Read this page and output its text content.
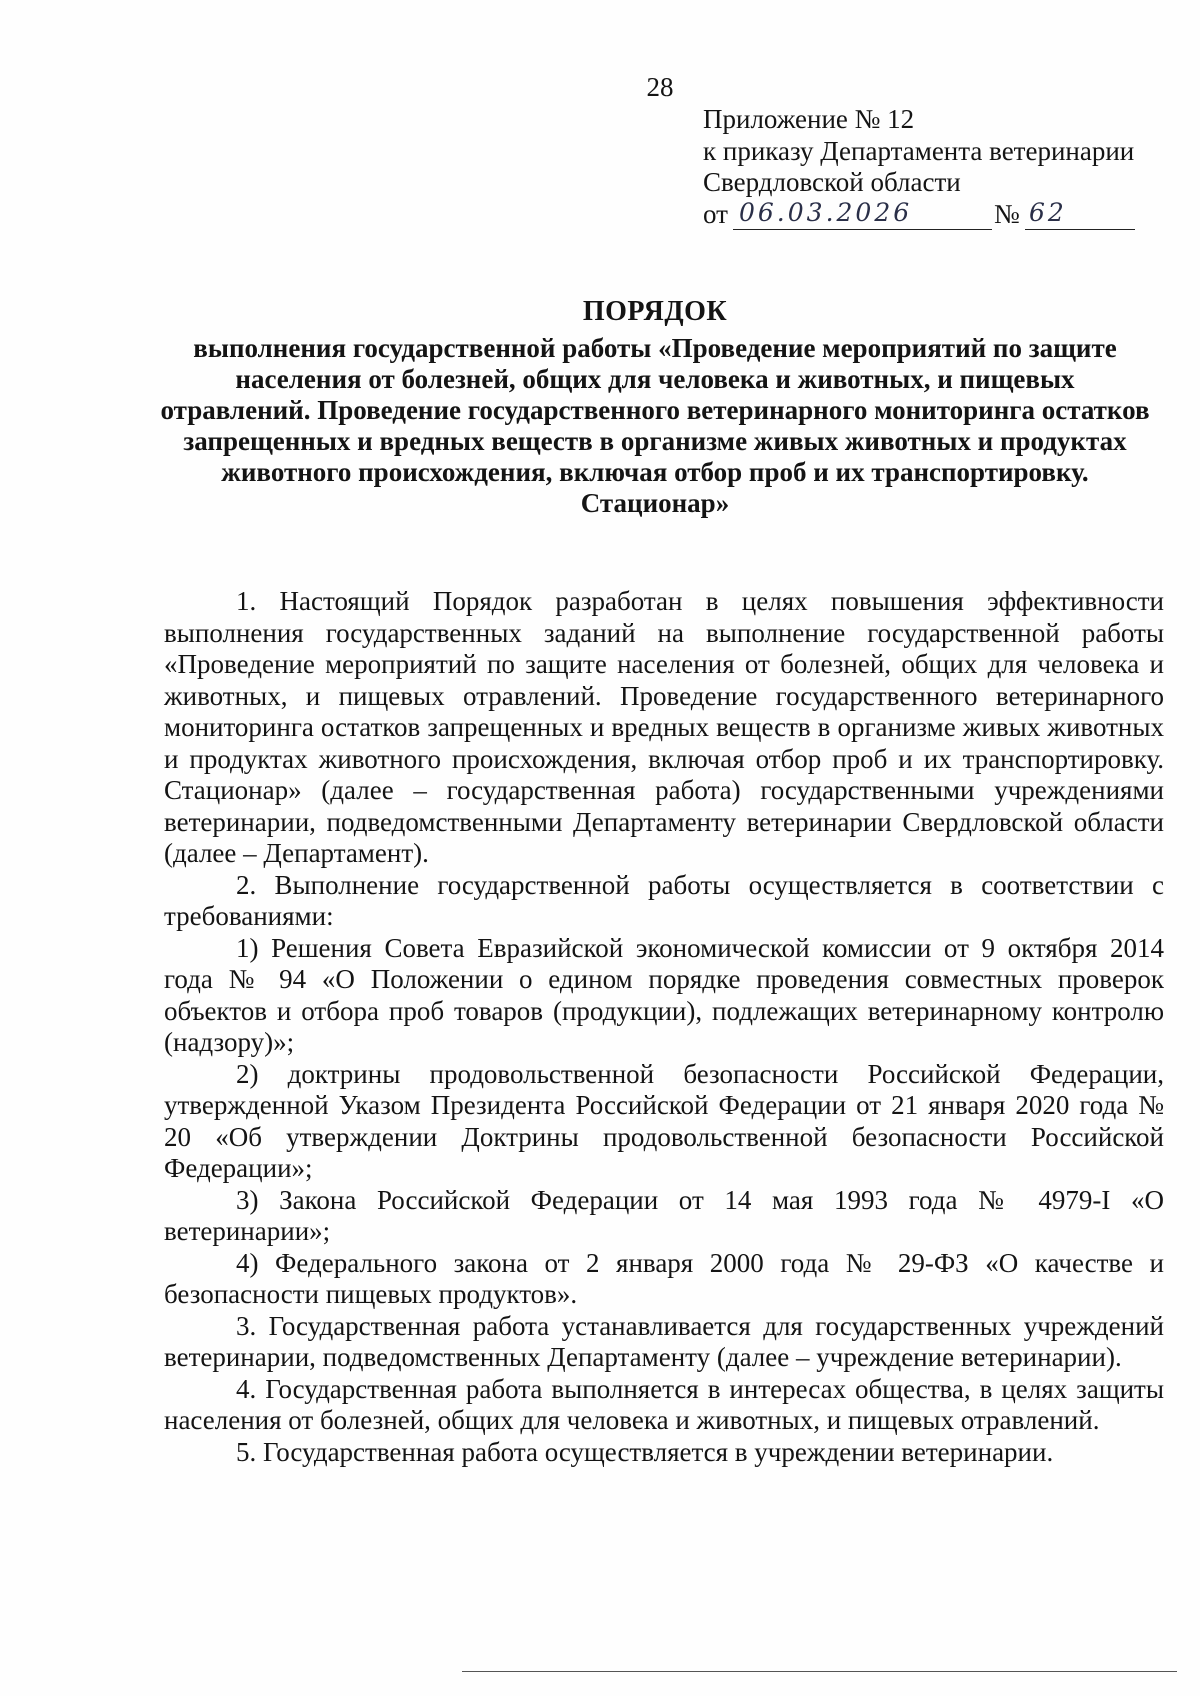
28
Приложение № 12
к приказу Департамента ветеринарии
Свердловской области
от 06.03.2026	№ 62
ПОРЯДОК
выполнения государственной работы «Проведение мероприятий по защите населения от болезней, общих для человека и животных, и пищевых отравлений. Проведение государственного ветеринарного мониторинга остатков запрещенных и вредных веществ в организме живых животных и продуктах животного происхождения, включая отбор проб и их транспортировку. Стационар»

1. Настоящий Порядок разработан в целях повышения эффективности выполнения государственных заданий на выполнение государственной работы «Проведение мероприятий по защите населения от болезней, общих для человека и животных, и пищевых отравлений. Проведение государственного ветеринарного мониторинга остатков запрещенных и вредных веществ в организме живых животных и продуктах животного происхождения, включая отбор проб и их транспортировку. Стационар» (далее – государственная работа) государственными учреждениями ветеринарии, подведомственными Департаменту ветеринарии Свердловской области (далее – Департамент).

2. Выполнение государственной работы осуществляется в соответствии с требованиями:

1) Решения Совета Евразийской экономической комиссии от 9 октября 2014 года № 94 «О Положении о едином порядке проведения совместных проверок объектов и отбора проб товаров (продукции), подлежащих ветеринарному контролю (надзору)»;

2) доктрины продовольственной безопасности Российской Федерации, утвержденной Указом Президента Российской Федерации от 21 января 2020 года № 20 «Об утверждении Доктрины продовольственной безопасности Российской Федерации»;

3) Закона Российской Федерации от 14 мая 1993 года № 4979-I «О ветеринарии»;

4) Федерального закона от 2 января 2000 года № 29-ФЗ «О качестве и безопасности пищевых продуктов».

3. Государственная работа устанавливается для государственных учреждений ветеринарии, подведомственных Департаменту (далее – учреждение ветеринарии).

4. Государственная работа выполняется в интересах общества, в целях защиты населения от болезней, общих для человека и животных, и пищевых отравлений.

5. Государственная работа осуществляется в учреждении ветеринарии.
